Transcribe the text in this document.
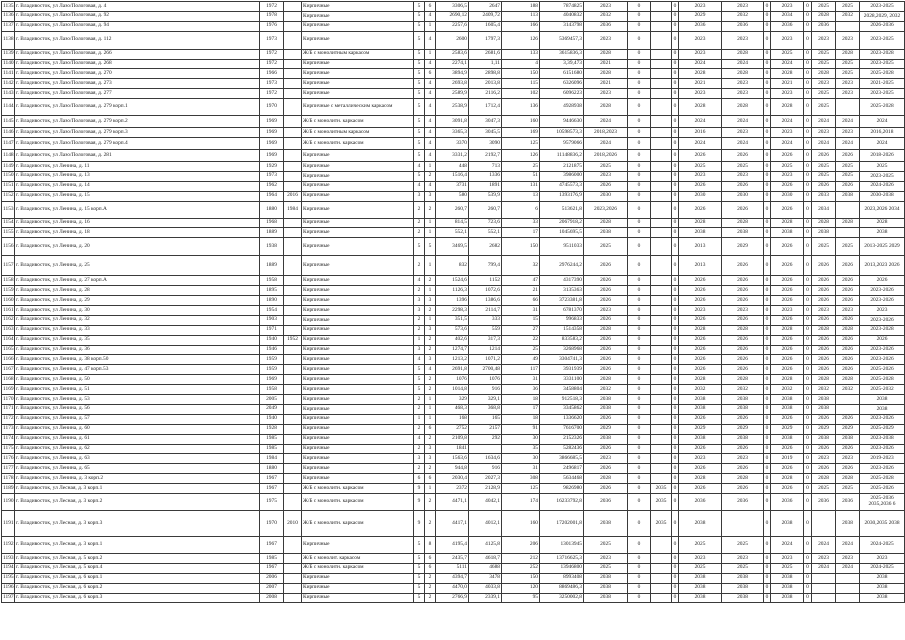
1135	г. Владивосток, ул Лазо/Пологовая, д. 4	1972		Кирпичные	5	6	3306,5	2647	188	7874825	2023	0		0	2023	2023	0	2023	0	2025	2025	2023-2025
1136	г. Владивосток, ул Лазо/Пологовая, д. 92	1978		Кирпичные	5	4	2690,12	2409,72	113	4040832	2032	0		0	2029	2032	0	2034	0	2028	2032	2028,2029, 2032
1137	г. Владивосток, ул Лазо/Пологовая, д. 94	1976		Кирпичные	5	1	2257,6	1605,4	166	3143798	2036	0		0	2036	2036	0	2036	0	2036		2026-2036
1138	г. Владивосток, ул Лазо/Пологовая, д. 112	1973		Кирпичные	5	4	2600	1797,3	126	5369457,3	2023	0		0	2023	2023	0	2023	0	2023	2023	2023-2025
1139	г. Владивосток, ул Лазо/Пологовая, д. 266	1972		Ж/Б с монолитным каркасом	5	1	2583,6	2681,6	133	3615836,3	2028	0		0	2023	2028	0	2025	0	2025	2028	2023-2028
1140	г. Владивосток, ул Лазо/Пологовая, д. 268	1972		Кирпичные	5	4	2274,1	1,11	4	3,39,473	2021	0		0	2024	2024	0	2024	0	2025	2025	2023-2025
1141	г. Владивосток, ул Лазо/Пологовая, д. 270	1966		Кирпичные	5	6	3894,9	2898,8	150	6151680	2028	0		0	2028	2028	0	2028	0	2028	2025	2025-2028
1142	г. Владивосток, ул Лазо/Пологовая, д. 273	1973		Кирпичные	5	4	2693,8	2013,8	115	6326096	2021	0		0	2021	2023	0	2021	0	2023	2023	2021-2025
1143	г. Владивосток, ул Лазо/Пологовая, д. 277	1972		Кирпичные	5	4	2589,9	2116,2	102	6096223	2023	0		0	2023	2023	0	2023	0	2025	2023	2023-2025
1144	г. Владивосток, ул Лазо/Пологовая, д. 279 корп.1	1970		Кирпичные с металлическим каркасом	5	4	2538,9	1712,4	136	4928938	2028	0		0	2028	2028	0	2028	0	2025		2025-2028
1145	г. Владивосток, ул Лазо/Пологовая, д. 279 корп.2	1969		Ж/Б с монолитн. каркасом	5	4	3091,8	3047,3	160	9446630	2024	0		0	2024	2024	0	2024	0	2024	2024	2024
1146	г. Владивосток, ул Лазо/Пологовая, д. 279 корп.3	1969		Ж/Б с монолитным каркасом	5	4	3365,3	3045,5	169	10598573,3	2018,2023	0		0	2016	2023	0	2023	0	2023	2023	2016,2018
1147	г. Владивосток, ул Лазо/Пологовая, д. 279 корп.4	1969		Ж/Б с монолитн. каркасом	5	4	3370	3090	125	9579066	2024	0		0	2024	2024	0	2024	0	2024	2024	2024
1148	г. Владивосток, ул Лазо/Пологовая, д. 281	1969		Кирпичные	5	4	3331,2	2192,7	126	11148836,2	2018,2026	0		0	2026	2026	0	2026	0	2026	2026	2018-2026
1149	г. Владивосток, ул Ленина, д. 11	1929		Кирпичные	4	1	448	713	25	2121875	2025	0		0	2025	2025	0	2025	0	2025	2025	2025
1150	г. Владивосток, ул Ленина, д. 13	1973		Кирпичные	5	2	1516,4	1336	51	3986000	2023	0		0	2023	2023	0	2023	0	2025	2025	2023-2025
1151	г. Владивосток, ул Ленина, д. 14	1962		Кирпичные	4	4	3731	1891	131	4745573,3	2026	0		0	2026	2026	0	2026	0	2026	2026	2024-2026
1152	г. Владивосток, ул Ленина, д. 15	1964	2016	Кирпичные	3	3	580	539,9	13	1393176,9	2030	0		0	2030	2030	0	2030	0	2033	2038	2030-2038
1153	г. Владивосток, ул Ленина, д. 15 корп.А	1880	1984	Кирпичные	2	2	260,7	260,7	6	513621,8	2023,2026	0		0	2026	2026	0	2026	0	2034		2023,2026 2034
1154	г. Владивосток, ул Ленина, д. 16	1968		Кирпичные	2	1	814,5	723,6	33	2067918,2	2028	0		0	2028	2028	0	2028	0	2028	2028	2028
1155	г. Владивосток, ул Ленина, д. 18	1889		Кирпичные	2	1	552,1	552,1	17	1045695,5	2038	0		0	2038	2038	0	2038	0	2038		2038
1156	г. Владивосток, ул Ленина, д. 20	1938		Кирпичные	5	5	3469,5	2682	150	9511033	2025	0		0	2013	2029	0	2026	0	2025	2025	2013-2025 2029
1157	г. Владивосток, ул Ленина, д. 25	1889		Кирпичные	2	1	832	799,4	32	2976244,2	2026	0		0	2013	2026	0	2026	0	2026	2026	2013,2023 2026
1158	г. Владивосток, ул Ленина, д. 27 корп.А	1958		Кирпичные	4	2	1524,6	1152	47	4317390	2026	0		0	2026	2026	0	2026	0	2026	2026	2026
1159	г. Владивосток, ул Ленина, д. 28	1895		Кирпичные	2	1	1126,3	1072,6	21	3135363	2026	0		0	2026	2026	0	2026	0	2026	2026	2023-2026
1160	г. Владивосток, ул Ленина, д. 29	1890		Кирпичные	3	3	1396	1386,6	66	3723381,8	2026	0		0	2026	2026	0	2026	0	2026	2026	2023-2026
1161	г. Владивосток, ул Ленина, д. 30	1954		Кирпичные	3	2	2298,3	2114,7	31	6781370	2023	0		0	2023	2023	0	2023	0	2023	2023	2023
1162	г. Владивосток, ул Ленина, д. 32	1903		Кирпичные	2	1	351,5	333	15	996833	2026	0		0	2026	2026	0	2026	0	2026	2026	2023-2026
1163	г. Владивосток, ул Ленина, д. 33	1971		Кирпичные	2	3	573,6	559	27	1514358	2028	0		0	2028	2028	0	2028	0	2028	2028	2023-2028
1164	г. Владивосток, ул Ленина, д. 35	1940	1952	Кирпичные	1	2	402,6	317,3	22	833583,2	2026	0		0	2026	2026	0	2026	0	2026	2026	2026
1165	г. Владивосток, ул Ленина, д. 36	1946		Кирпичные	3	2	1274,7	1214	25	3268968	2026	0		0	2026	2026	0	2026	0	2026	2026	2023-2026
1166	г. Владивосток, ул Ленина, д. 38 корп.50	1959		Кирпичные	4	3	1213,2	1071,2	49	3304741,3	2026	0		0	2026	2026	0	2026	0	2026	2026	2023-2026
1167	г. Владивосток, ул Ленина, д. 47 корп.53	1959		Кирпичные	5	4	2691,8	2700,48	117	3931939	2026	0		0	2026	2026	0	2026	0	2026	2026	2025-2026
1168	г. Владивосток, ул Ленина, д. 50	1969		Кирпичные	5	2	1076	1076	31	3331100	2028	0		0	2028	2028	0	2028	0	2028	2028	2025-2028
1169	г. Владивосток, ул Ленина, д. 51	1958		Кирпичные	5	2	1014,8	916	36	3458804	2032	0		0	2032	2032	0	2032	0	2032	2032	2025-2032
1170	г. Владивосток, ул Ленина, д. 53	2005		Кирпичные	2	1	329	329,1	18	912518,3	2038	0		0	2038	2038	0	2038	0	2038		2038
1171	г. Владивосток, ул Ленина, д. 56	2049		Кирпичные	2	1	468,3	368,8	17	3345862	2038	0		0	2038	2038	0	2038	0	2038		2038
1172	г. Владивосток, ул Ленина, д. 57	1940		Кирпичные	1	1	168	165	18	1336620	2026	0		0	2026	2026	0	2026	0	2026	2026	2023-2026
1173	г. Владивосток, ул Ленина, д. 60	1928		Кирпичные	2	6	2752	2157	91	7616700	2029	0		0	2029	2029	0	2029	0	2029	2029	2025-2029
1174	г. Владивосток, ул Ленина, д. 61	1985		Кирпичные	4	2	2109,8	292	30	2152326	2038	0		0	2038	2038	0	2038	0	2038	2038	2023-2038
1175	г. Владивосток, ул Ленина, д. 62	1985		Кирпичные	2	3	1841		35	5282436	2026	0		0	2026	2026	0	2026	0	2026	2026	2023-2026
1176	г. Владивосток, ул Ленина, д. 63	1984		Кирпичные	3	3	1563,6	1634,6	30	3866685,5	2023	0		0	2023	2023	0	2019	0	2023	2023	2019-2023
1177	г. Владивосток, ул Ленина, д. 65	1880		Кирпичные	2	2	944,8	916	31	2496817	2026	0		0	2026	2026	0	2026	0	2026	2026	2023-2026
1178	г. Владивосток, ул Ленина, д. 3 корп.2	1967		Кирпичные	6	6	2030,4	2027,3	308	5634468	2028	0		0	2028	2028	0	2028	0	2028	2028	2025-2028
1189	г. Владивосток, ул Лесная, д. 3 корп.1	1967		Ж/Б с монолитн. каркасом	9	1	2372	2128,9	125	9826980	2026	0	2035	0	2026	2026	0	2026	0	2025	2025	2025-2026
1190	г. Владивосток, ул Лесная, д. 3 корп.2	1975		Ж/Б с монолитн. каркасом	9	2	4471,1	4042,1	174	16233792,8	2036	0	2035	0	2036	2036	0	2036	0	2036	2036	2025-2036 2035,2036 6
1191	г. Владивосток, ул Лесная, д. 3 корп.3	1970	2010	Ж/Б с монолитн. каркасом	9	2	4417,1	4012,1	160	17202001,8	2038	0	2035	0	2038		0	2038	0		2038	2030,2035 2038
1192	г. Владивосток, ул Лесная, д. 3 корп.1	1967		Кирпичные	5	8	4195,4	4125,8	206	13013945	2025	0		0	2025	2025	0	2024	0	2024	2024	2024-2025
1193	г. Владивосток, ул Лесная, д. 5 корп.2	1985		Ж/Б с монолит. каркасом	5	6	2435,7	4618,7	212	13716625,3	2023	0		0	2023	2023	0	2023	0	2023	2023	2023
1194	г. Владивосток, ул Лесная, д. 5 корп.4	1967		Ж/Б с монолитн. каркасом	5	6	5111	4688	252	13946800	2025	0		0	2025	2025	0	2025	0	2024	2024	2024-2025
1195	г. Владивосток, ул Лесная, д. 6 корп.1	2006		Кирпичные	5	2	4394,7	3478	150	8993408	2038	0		0	2038	2038	0	2038	0			2038
1196	г. Владивосток, ул Лесная, д. 6 корп.2	2007		Кирпичные	5	2	4470,0	4033,8	120	8869486,3	2038	0		0	2038	2038	0	2038	0			2038
1197	г. Владивосток, ул Лесная, д. 6 корп.3	2008		Кирпичные	5	2	2766,9	2339,1	95	3250002,8	2038	0		0	2038	2038	0	2038	0			2038
